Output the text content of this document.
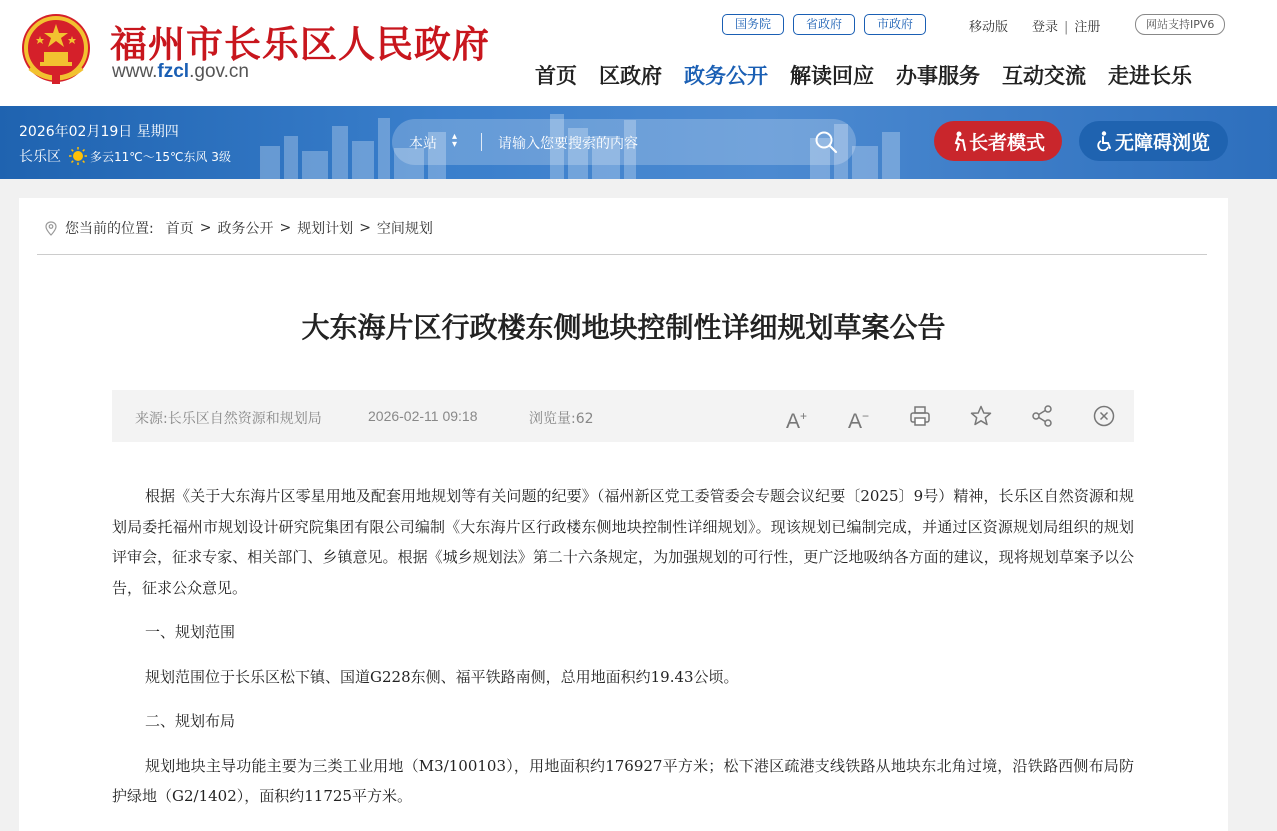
福州市长乐区人民政府
www.fzcl.gov.cn
国务院	省政府	市政府	移动版 登录 | 注册	网站支持IPV6
首页 区政府 政务公开 解读回应 办事服务 互动交流 走进长乐
2026年02月19日 星期四
长乐区 多云11℃～15℃东风 3级
本站 ▴
▾	请输入您要搜索的内容	长者模式	无障碍浏览
您当前的位置: 首页 > 政务公开 > 规划计划 > 空间规划
大东海片区行政楼东侧地块控制性详细规划草案公告
来源:长乐区自然资源和规划局	2026-02-11 09:18	浏览量:62	A+ A−

根据《关于大东海片区零星用地及配套用地规划等有关问题的纪要》（福州新区党工委管委会专题会议纪要〔2025〕9号）精神，长乐区自然资源和规划局委托福州市规划设计研究院集团有限公司编制《大东海片区行政楼东侧地块控制性详细规划》。现该规划已编制完成，并通过区资源规划局组织的规划评审会，征求专家、相关部门、乡镇意见。根据《城乡规划法》第二十六条规定，为加强规划的可行性，更广泛地吸纳各方面的建议，现将规划草案予以公告，征求公众意见。

一、规划范围

规划范围位于长乐区松下镇、国道G228东侧、福平铁路南侧，总用地面积约19.43公顷。

二、规划布局

规划地块主导功能主要为三类工业用地（M3/100103），用地面积约176927平方米；松下港区疏港支线铁路从地块东北角过境，沿铁路西侧布局防护绿地（G2/1402），面积约11725平方米。
